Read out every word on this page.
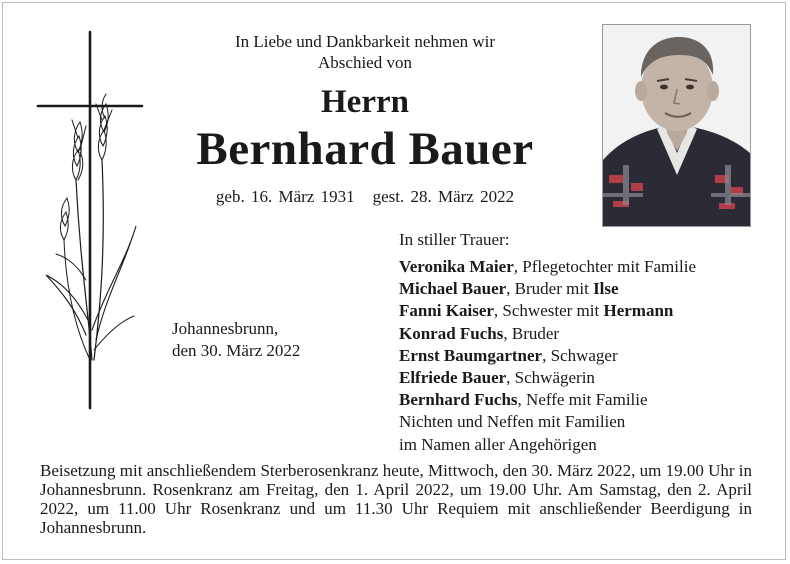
In Liebe und Dankbarkeit nehmen wir
Abschied von
Herrn
Bernhard Bauer
geb. 16. März 1931 gest. 28. März 2022
Johannesbrunn,
den 30. März 2022
In stiller Trauer:
Veronika Maier, Pflegetochter mit Familie
Michael Bauer, Bruder mit Ilse
Fanni Kaiser, Schwester mit Hermann
Konrad Fuchs, Bruder
Ernst Baumgartner, Schwager
Elfriede Bauer, Schwägerin
Bernhard Fuchs, Neffe mit Familie
Nichten und Neffen mit Familien
im Namen aller Angehörigen
Beisetzung mit anschließendem Sterberosenkranz heute, Mittwoch, den 30. März 2022, um 19.00 Uhr in Johannesbrunn. Rosenkranz am Freitag, den 1. April 2022, um 19.00 Uhr. Am Samstag, den 2. April 2022, um 11.00 Uhr Rosenkranz und um 11.30 Uhr Requiem mit anschließender Beerdigung in Johannesbrunn.
